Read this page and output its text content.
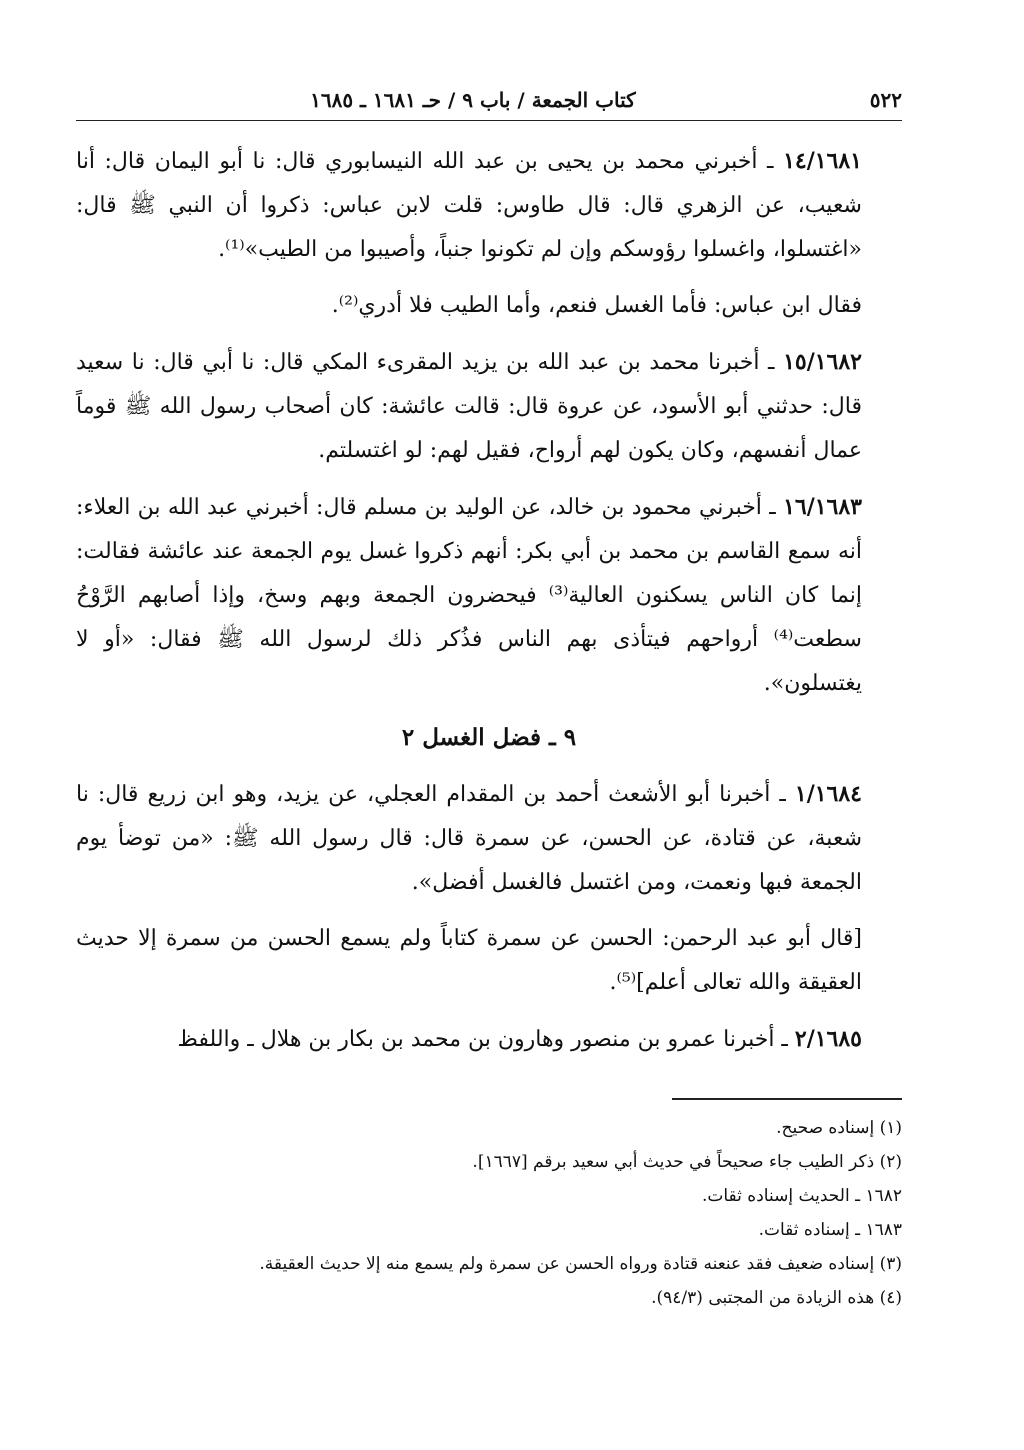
٥٢٢
كتاب الجمعة / باب ٩ / حـ ١٦٨١ ـ ١٦٨٥

١٤/١٦٨١ ـ أخبرني محمد بن يحيى بن عبد الله النيسابوري قال: نا أبو اليمان قال: أنا شعيب، عن الزهري قال: قال طاوس: قلت لابن عباس: ذكروا أن النبي ﷺ قال: «اغتسلوا، واغسلوا رؤوسكم وإن لم تكونوا جنباً، وأصيبوا من الطيب»⁽¹⁾.

فقال ابن عباس: فأما الغسل فنعم، وأما الطيب فلا أدري⁽²⁾.

١٥/١٦٨٢ ـ أخبرنا محمد بن عبد الله بن يزيد المقرىء المكي قال: نا أبي قال: نا سعيد قال: حدثني أبو الأسود، عن عروة قال: قالت عائشة: كان أصحاب رسول الله ﷺ قوماً عمال أنفسهم، وكان يكون لهم أرواح، فقيل لهم: لو اغتسلتم.

١٦/١٦٨٣ ـ أخبرني محمود بن خالد، عن الوليد بن مسلم قال: أخبرني عبد الله بن العلاء: أنه سمع القاسم بن محمد بن أبي بكر: أنهم ذكروا غسل يوم الجمعة عند عائشة فقالت: إنما كان الناس يسكنون العالية⁽³⁾ فيحضرون الجمعة وبهم وسخ، وإذا أصابهم الرَّوْحُ سطعت⁽⁴⁾ أرواحهم فيتأذى بهم الناس فذُكر ذلك لرسول الله ﷺ فقال: «أو لا يغتسلون».

٩ ـ فضل الغسل ٢

١/١٦٨٤ ـ أخبرنا أبو الأشعث أحمد بن المقدام العجلي، عن يزيد، وهو ابن زريع قال: نا شعبة، عن قتادة، عن الحسن، عن سمرة قال: قال رسول الله ﷺ: «من توضأ يوم الجمعة فبها ونعمت، ومن اغتسل فالغسل أفضل».

[قال أبو عبد الرحمن: الحسن عن سمرة كتاباً ولم يسمع الحسن من سمرة إلا حديث العقيقة والله تعالى أعلم]⁽⁵⁾.

٢/١٦٨٥ ـ أخبرنا عمرو بن منصور وهارون بن محمد بن بكار بن هلال ـ واللفظ

(١) إسناده صحيح.
(٢) ذكر الطيب جاء صحيحاً في حديث أبي سعيد برقم [١٦٦٧].
١٦٨٢ ـ الحديث إسناده ثقات.
١٦٨٣ ـ إسناده ثقات.
(٣) إسناده ضعيف فقد عنعنه قتادة ورواه الحسن عن سمرة ولم يسمع منه إلا حديث العقيقة.
(٤) هذه الزيادة من المجتبى (٩٤/٣).
